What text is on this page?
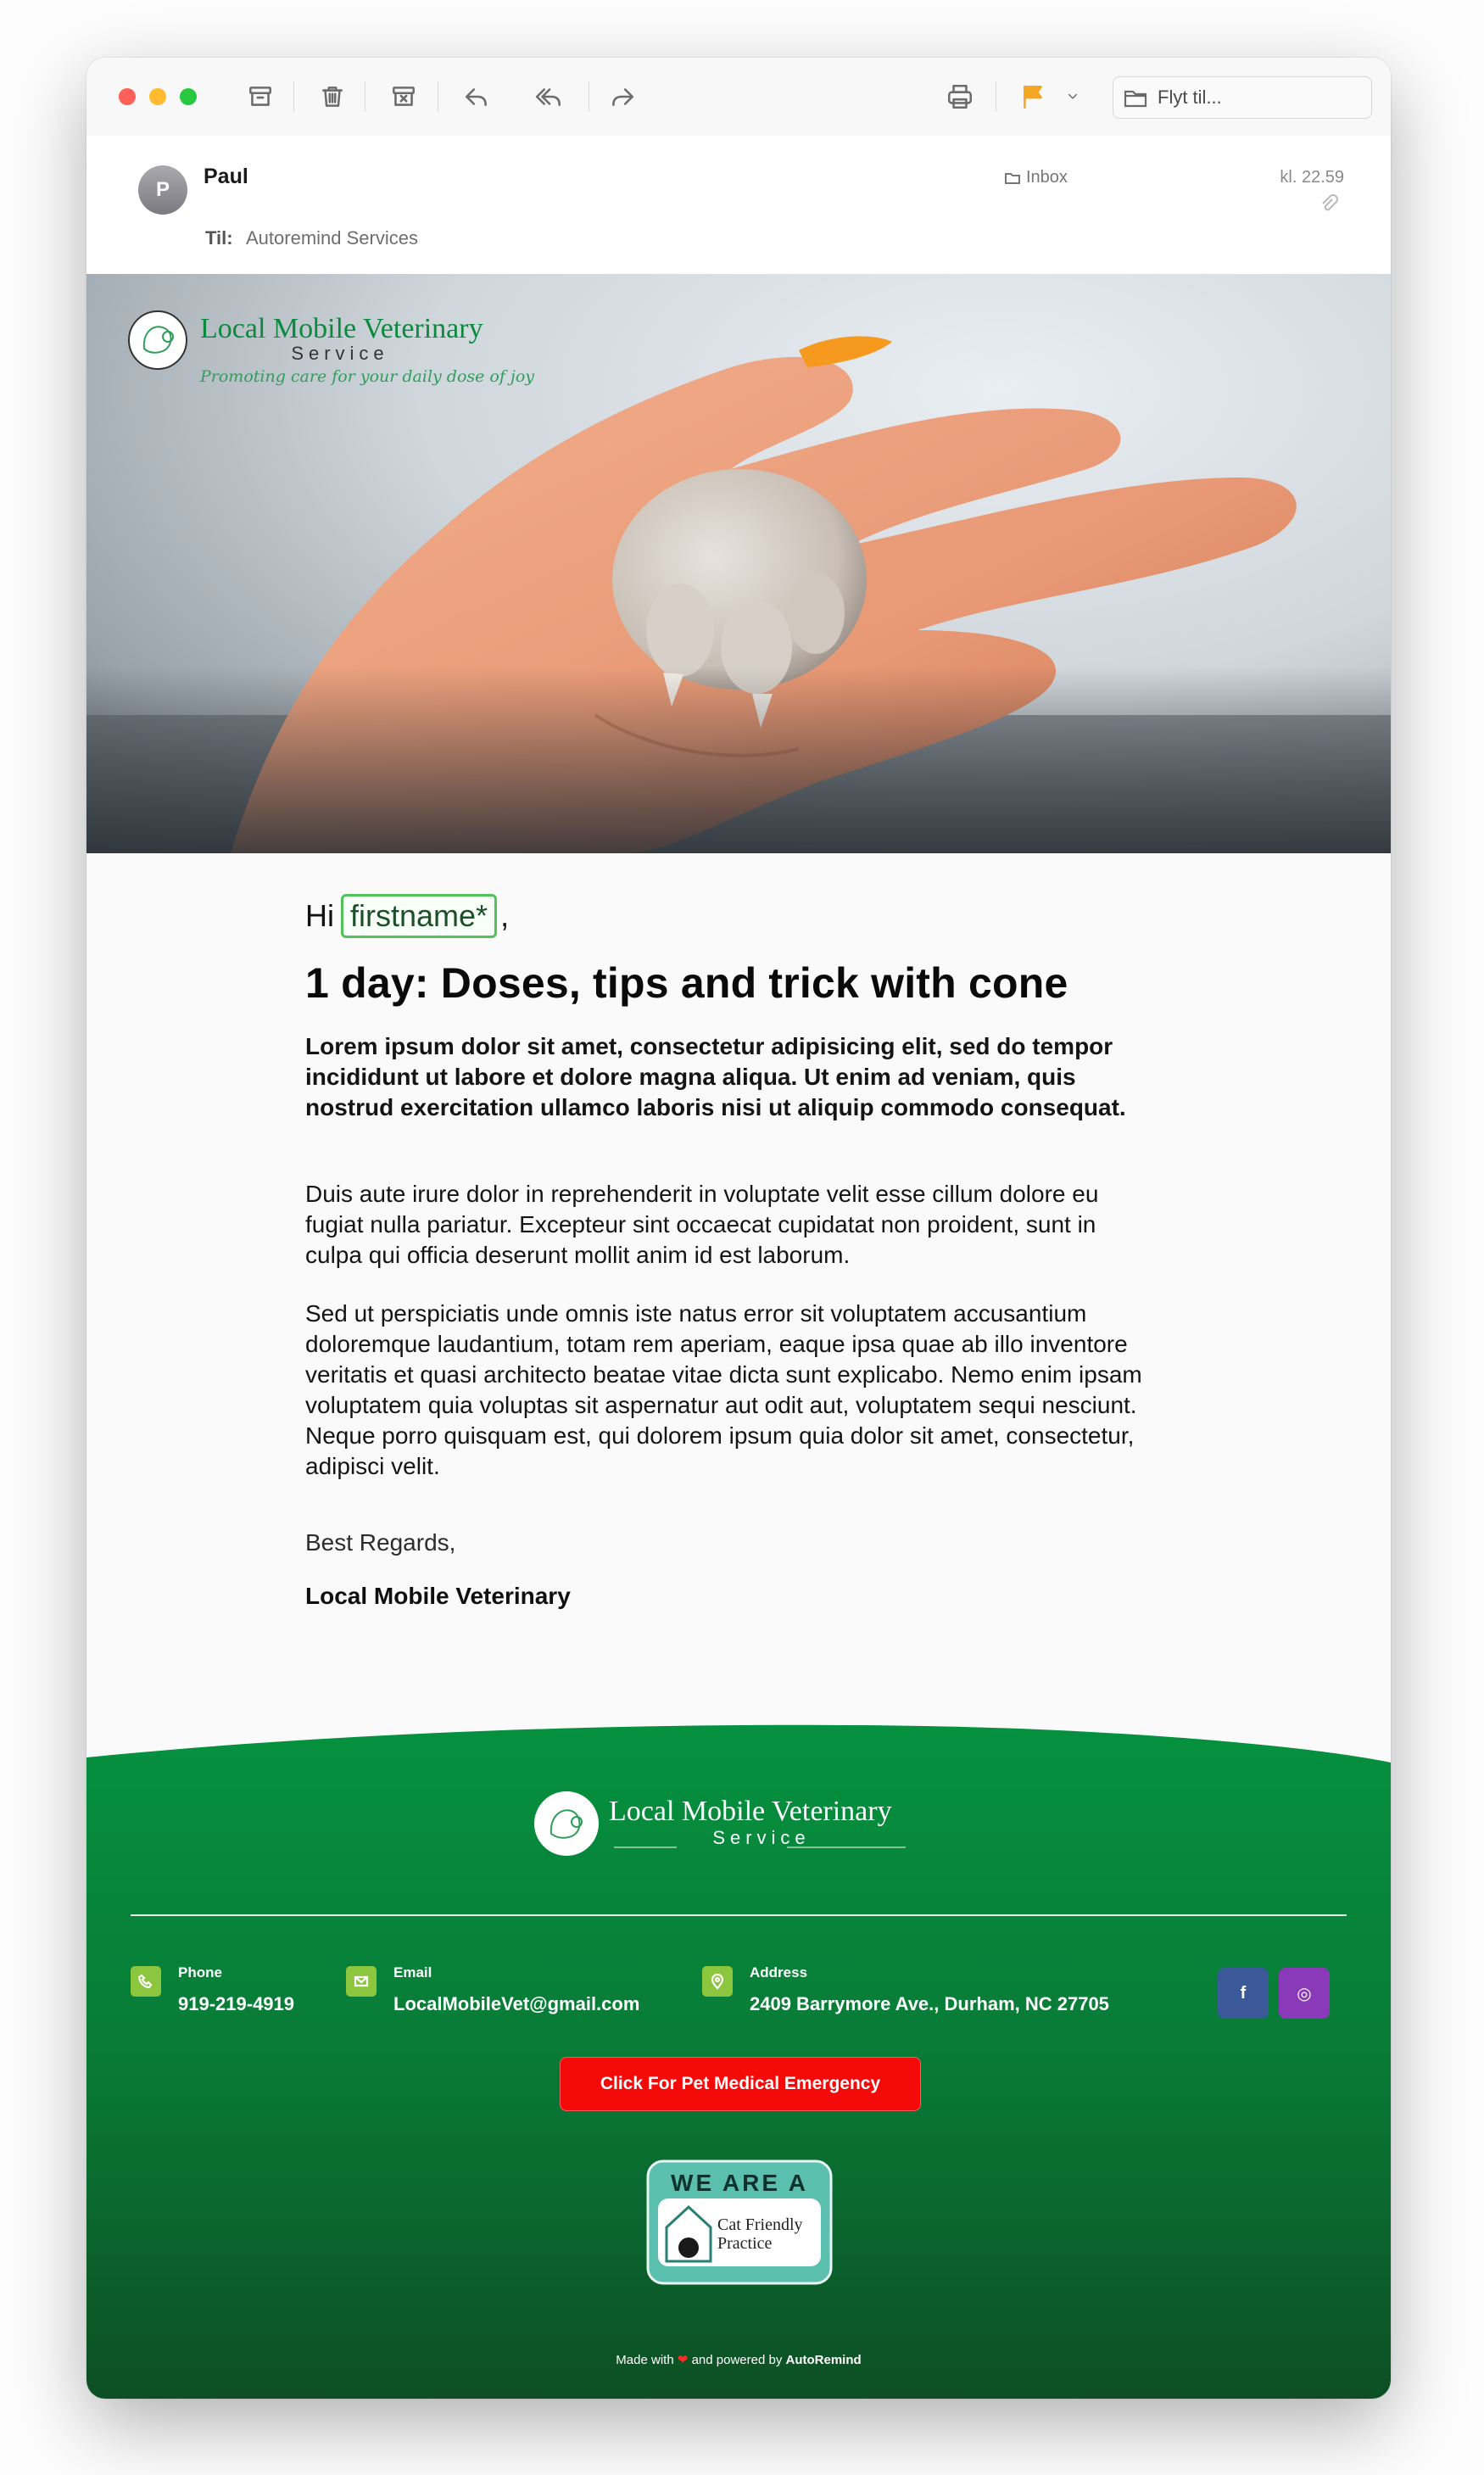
Flyt til...
P
Paul
Til: Autoremind Services
Inbox	kl. 22.59
Local Mobile Veterinary
Service
Promoting care for your daily dose of joy
Hi firstname* ,
1 day: Doses, tips and trick with cone

Lorem ipsum dolor sit amet, consectetur adipisicing elit, sed do tempor incididunt ut labore et dolore magna aliqua. Ut enim ad veniam, quis nostrud exercitation ullamco laboris nisi ut aliquip commodo consequat.

Duis aute irure dolor in reprehenderit in voluptate velit esse cillum dolore eu fugiat nulla pariatur. Excepteur sint occaecat cupidatat non proident, sunt in culpa qui officia deserunt mollit anim id est laborum.

Sed ut perspiciatis unde omnis iste natus error sit voluptatem accusantium doloremque laudantium, totam rem aperiam, eaque ipsa quae ab illo inventore veritatis et quasi architecto beatae vitae dicta sunt explicabo. Nemo enim ipsam voluptatem quia voluptas sit aspernatur aut odit aut, voluptatem sequi nesciunt. Neque porro quisquam est, qui dolorem ipsum quia dolor sit amet, consectetur, adipisci velit.

Best Regards,
Local Mobile Veterinary
Local Mobile Veterinary
Service
Phone
919-219-4919
Email
LocalMobileVet@gmail.com
Address
2409 Barrymore Ave., Durham, NC 27705
f	◎
Click For Pet Medical Emergency
WE ARE A
Cat Friendly
Practice
Made with ❤ and powered by AutoRemind
